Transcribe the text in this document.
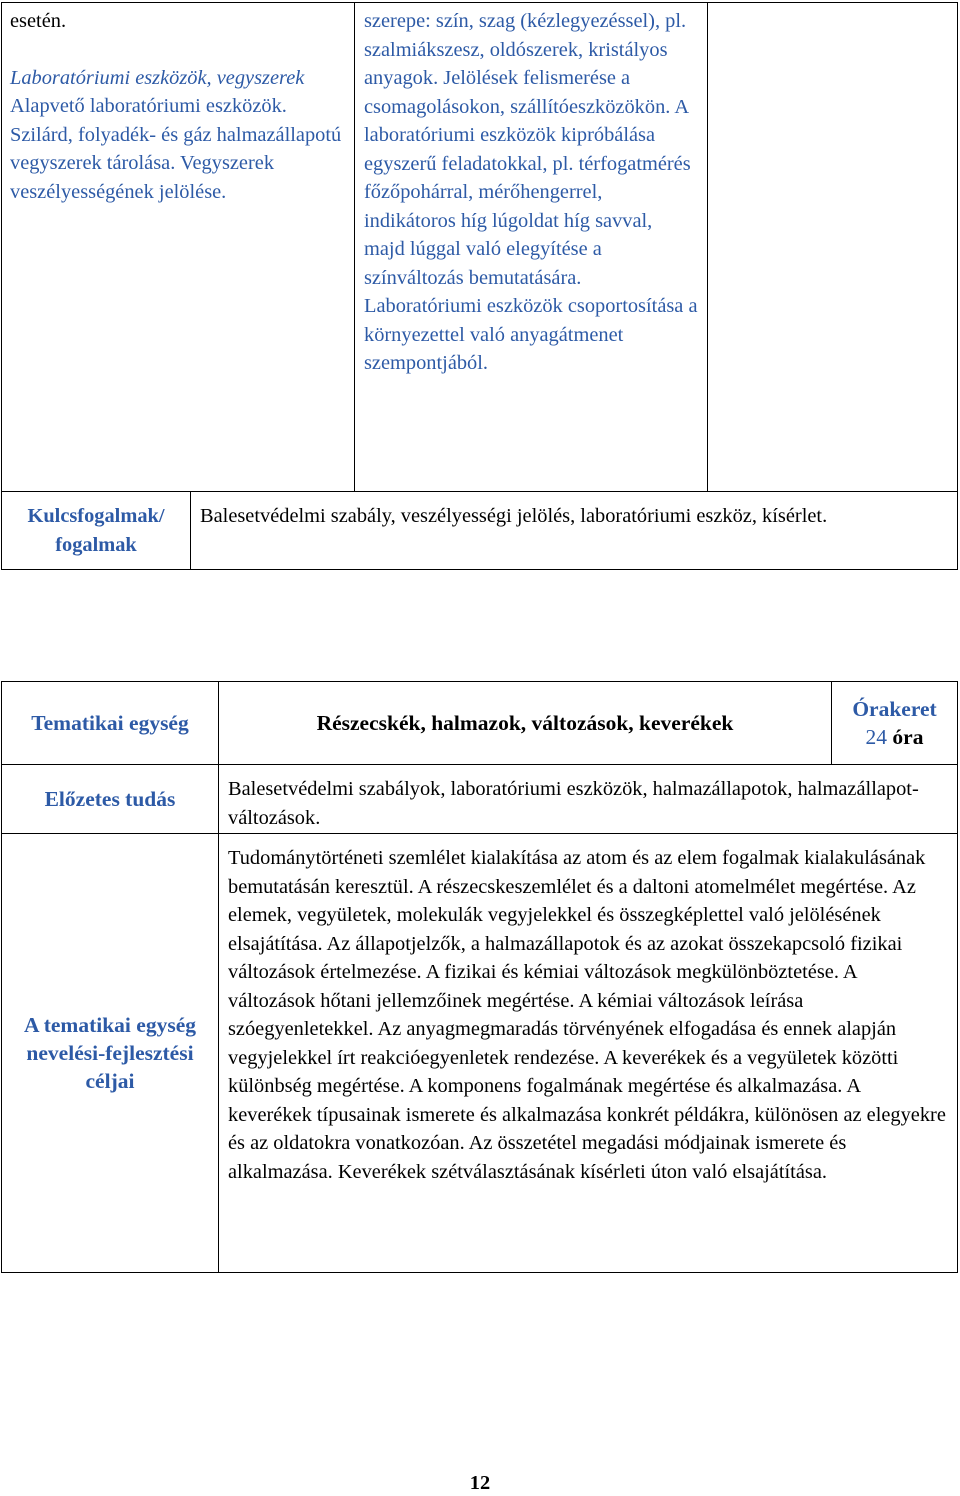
esetén.

Laboratóriumi eszközök, vegyszerek

Alapvető laboratóriumi eszközök. Szilárd, folyadék- és gáz halmazállapotú vegyszerek tárolása. Vegyszerek veszélyességének jelölése.

szerepe: szín, szag (kézlegyezéssel), pl. szalmiákszesz, oldószerek, kristályos anyagok. Jelölések felismerése a csomagolásokon, szállítóeszközökön. A laboratóriumi eszközök kipróbálása egyszerű feladatokkal, pl. térfogatmérés főzőpohárral, mérőhengerrel, indikátoros híg lúgoldat híg savval, majd lúggal való elegyítése a színváltozás bemutatására. Laboratóriumi eszközök csoportosítása a környezettel való anyagátmenet szempontjából.

Kulcsfogalmak/

fogalmak

Balesetvédelmi szabály, veszélyességi jelölés, laboratóriumi eszköz, kísérlet.

Tematikai egység	Részecskék, halmazok, változások, keverékek

Órakeret

24 óra

Előzetes tudás	Balesetvédelmi szabályok, laboratóriumi eszközök, halmazállapotok, halmazállapot-változások.

A tematikai egység

nevelési-fejlesztési

céljai

Tudománytörténeti szemlélet kialakítása az atom és az elem fogalmak kialakulásának bemutatásán keresztül. A részecskeszemlélet és a daltoni atomelmélet megértése. Az elemek, vegyületek, molekulák vegyjelekkel és összegképlettel való jelölésének elsajátítása. Az állapotjelzők, a halmazállapotok és az azokat összekapcsoló fizikai változások értelmezése. A fizikai és kémiai változások megkülönböztetése. A változások hőtani jellemzőinek megértése. A kémiai változások leírása szóegyenletekkel. Az anyagmegmaradás törvényének elfogadása és ennek alapján vegyjelekkel írt reakcióegyenletek rendezése. A keverékek és a vegyületek közötti különbség megértése. A komponens fogalmának megértése és alkalmazása. A keverékek típusainak ismerete és alkalmazása konkrét példákra, különösen az elegyekre és az oldatokra vonatkozóan. Az összetétel megadási módjainak ismerete és alkalmazása. Keverékek szétválasztásának kísérleti úton való elsajátítása.

12
